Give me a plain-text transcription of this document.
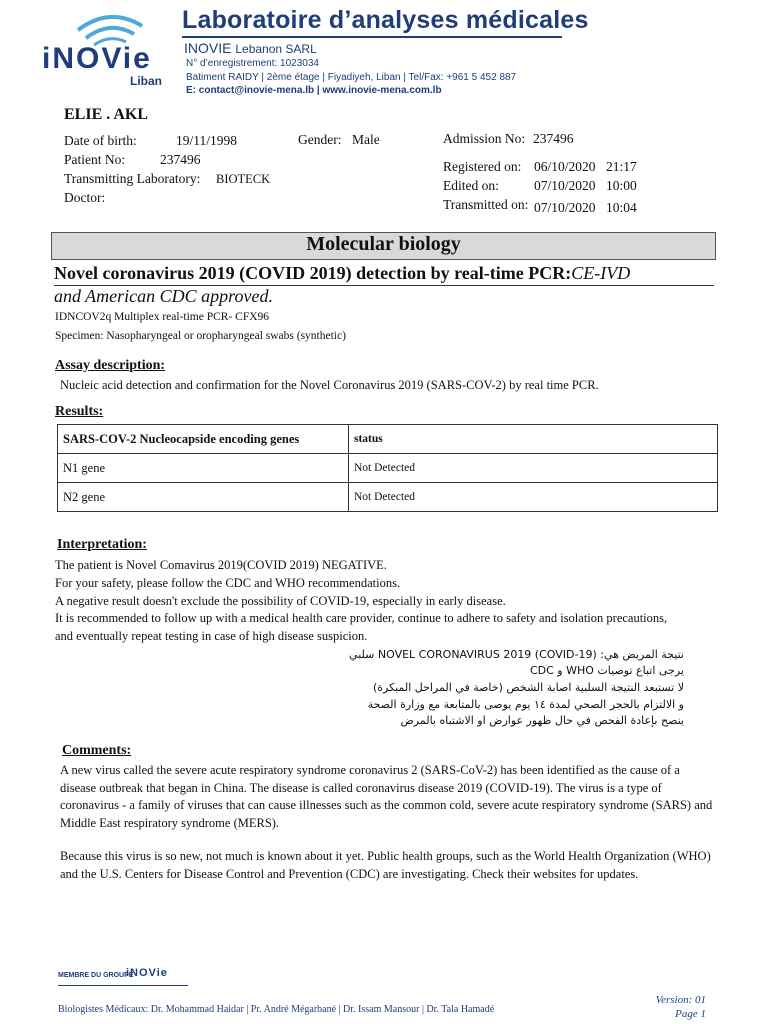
iNOVie
Liban
Laboratoire d’analyses médicales
INOVIE Lebanon SARL
N° d’enregistrement: 1023034
Batiment RAIDY | 2ème étage | Fiyadiyeh, Liban | Tel/Fax: +961 5 452 887
E: contact@inovie-mena.lb | www.inovie-mena.com.lb
ELIE . AKL
Date of birth:	19/11/1998	Gender: Male
Patient No:	237496
Transmitting Laboratory: BIOTECK
Doctor:
Admission No: 237496
Registered on: 06/10/2020 21:17
Edited on:	07/10/2020 10:00
Transmitted on: 07/10/2020 10:04
Molecular biology
Novel coronavirus 2019 (COVID 2019) detection by real-time PCR:CE-IVD
and American CDC approved.
IDNCOV2q Multiplex real-time PCR- CFX96
Specimen: Nasopharyngeal or oropharyngeal swabs (synthetic)
Assay description:
Nucleic acid detection and confirmation for the Novel Coronavirus 2019 (SARS-COV-2) by real time PCR.
Results:
SARS-COV-2 Nucleocapside encoding genes	status
N1 gene	Not Detected
N2 gene	Not Detected
Interpretation:
The patient is Novel Comavirus 2019(COVID 2019) NEGATIVE.
For your safety, please follow the CDC and WHO recommendations.
A negative result doesn't exclude the possibility of COVID-19, especially in early disease.
It is recommended to follow up with a medical health care provider, continue to adhere to safety and isolation precautions,
and eventually repeat testing in case of high disease suspicion.
نتيجة المريض هي: NOVEL CORONAVIRUS 2019 (COVID-19) سلبي
يرجى اتباع توصيات WHO و CDC
لا تستبعد النتيجة السلبية اصابة الشخص (خاصة في المراحل المبكرة)
و الالتزام بالحجر الصحي لمدة ١٤ يوم يوصى بالمتابعة مع وزارة الصحة
ينصح بإعادة الفحص في حال ظهور عوارض او الاشتباه بالمرض
Comments:

A new virus called the severe acute respiratory syndrome coronavirus 2 (SARS-CoV-2) has been identified as the cause of a disease outbreak that began in China. The disease is called coronavirus disease 2019 (COVID-19). The virus is a type of coronavirus - a family of viruses that can cause illnesses such as the common cold, severe acute respiratory syndrome (SARS) and Middle East respiratory syndrome (MERS).

Because this virus is so new, not much is known about it yet. Public health groups, such as the World Health Organization (WHO) and the U.S. Centers for Disease Control and Prevention (CDC) are investigating. Check their websites for updates.

MEMBRE DU GROUPE
iNOVie
Biologistes Médicaux: Dr. Mohammad Haidar | Pr. André Mégarbané | Dr. Issam Mansour | Dr. Tala Hamadé
Version: 01
Page 1
